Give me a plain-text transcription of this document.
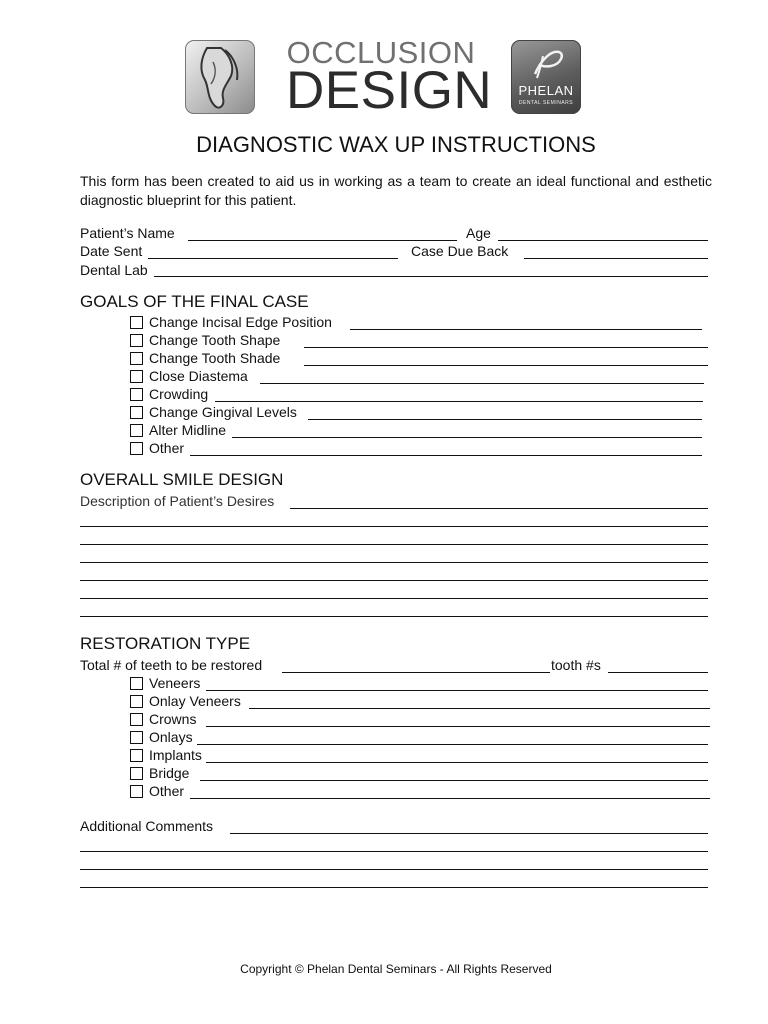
OCCLUSION
DESIGN	PHELAN
DENTAL SEMINARS
DIAGNOSTIC WAX UP INSTRUCTIONS
This form has been created to aid us in working as a team to create an ideal functional and esthetic diagnostic blueprint for this patient.
Patient’s Name	Age
Date Sent	Case Due Back
Dental Lab
GOALS OF THE FINAL CASE
Change Incisal Edge Position
Change Tooth Shape
Change Tooth Shade
Close Diastema
Crowding
Change Gingival Levels
Alter Midline
Other
OVERALL SMILE DESIGN
Description of Patient’s Desires
RESTORATION TYPE
Total # of teeth to be restored	tooth #s
Veneers
Onlay Veneers
Crowns
Onlays
Implants
Bridge
Other
Additional Comments
Copyright © Phelan Dental Seminars - All Rights Reserved
